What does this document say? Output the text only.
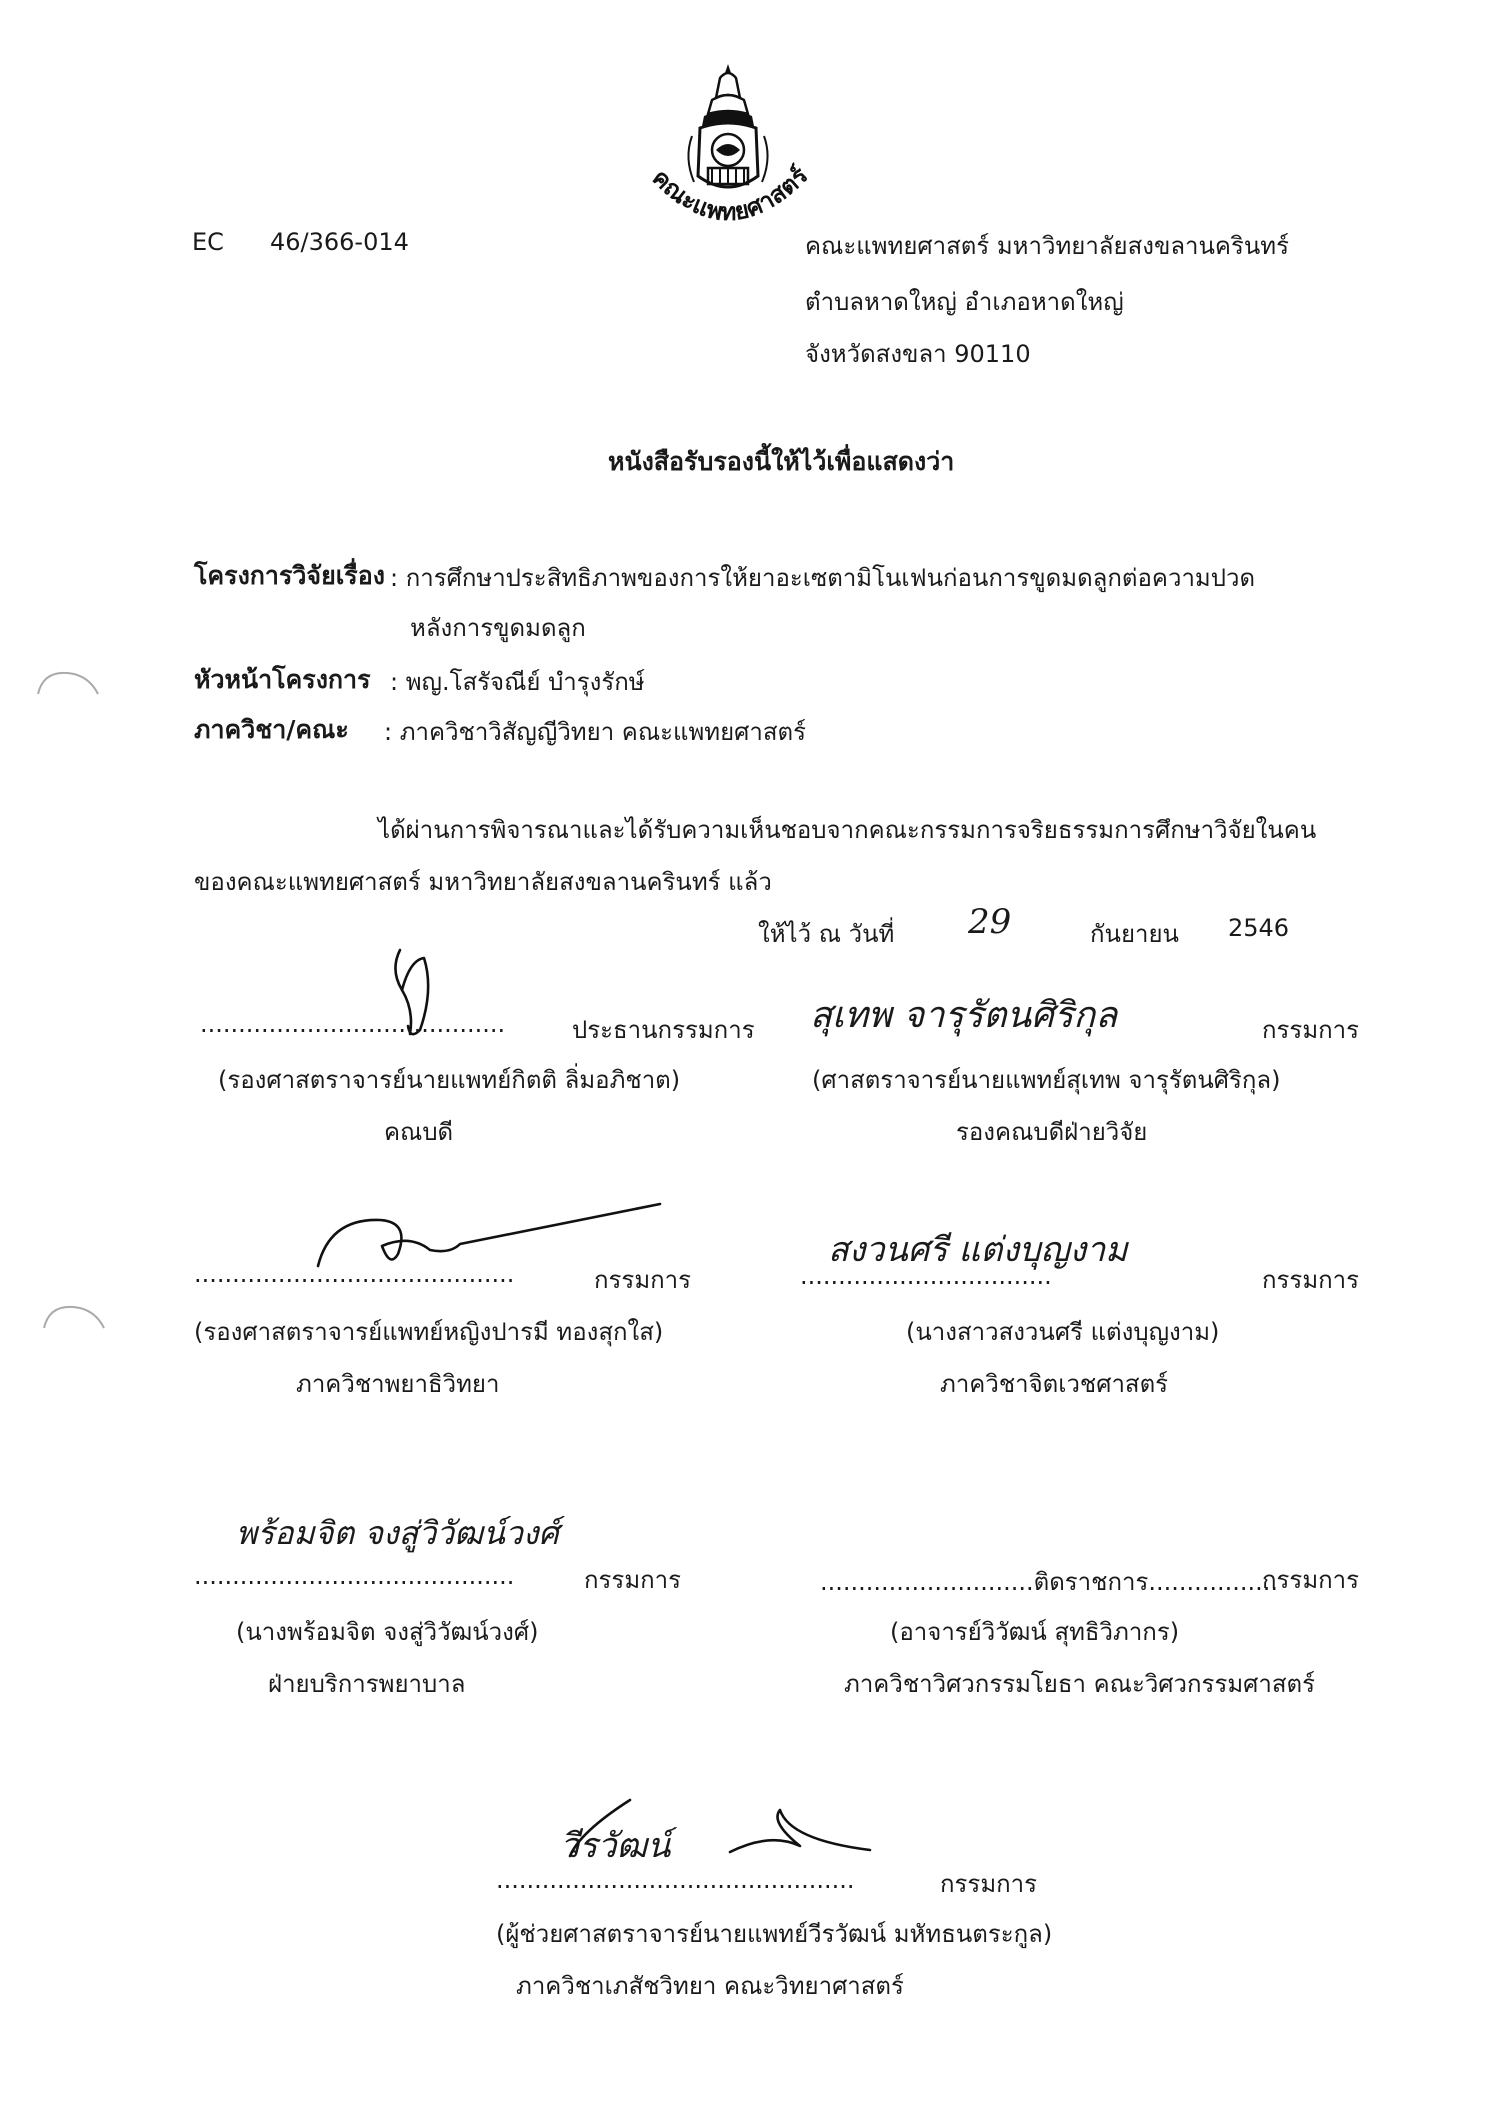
คณะแพทยศาสตร์
EC 46/366-014	คณะแพทยศาสตร์ มหาวิทยาลัยสงขลานครินทร์
ตำบลหาดใหญ่ อำเภอหาดใหญ่
จังหวัดสงขลา 90110
หนังสือรับรองนี้ให้ไว้เพื่อแสดงว่า
โครงการวิจัยเรื่อง : การศึกษาประสิทธิภาพของการให้ยาอะเซตามิโนเฟนก่อนการขูดมดลูกต่อความปวด
หลังการขูดมดลูก
หัวหน้าโครงการ : พญ.โสรัจณีย์ บำรุงรักษ์
ภาควิชา/คณะ : ภาควิชาวิสัญญีวิทยา คณะแพทยศาสตร์
ได้ผ่านการพิจารณาและได้รับความเห็นชอบจากคณะกรรมการจริยธรรมการศึกษาวิจัยในคน
ของคณะแพทยศาสตร์ มหาวิทยาลัยสงขลานครินทร์ แล้ว
ให้ไว้ ณ วันที่ 29	กันยายน 2546
........................................	ประธานกรรมการ
(รองศาสตราจารย์นายแพทย์กิตติ ลิ่มอภิชาต)
คณบดี
สุเทพ จารุรัตนศิริกุล	กรรมการ
(ศาสตราจารย์นายแพทย์สุเทพ จารุรัตนศิริกุล)
รองคณบดีฝ่ายวิจัย
..........................................	กรรมการ
(รองศาสตราจารย์แพทย์หญิงปารมี ทองสุกใส)
ภาควิชาพยาธิวิทยา
สงวนศรี แต่งบุญงาม
.................................	กรรมการ
(นางสาวสงวนศรี แต่งบุญงาม)
ภาควิชาจิตเวชศาสตร์
พร้อมจิต จงสู่วิวัฒน์วงศ์
..........................................	กรรมการ
(นางพร้อมจิต จงสู่วิวัฒน์วงศ์)
ฝ่ายบริการพยาบาล
............................ติดราชการ.................
กรรมการ
(อาจารย์วิวัฒน์ สุทธิวิภากร)
ภาควิชาวิศวกรรมโยธา คณะวิศวกรรมศาสตร์
วีรวัฒน์
...............................................	กรรมการ
(ผู้ช่วยศาสตราจารย์นายแพทย์วีรวัฒน์ มหัทธนตระกูล)
ภาควิชาเภสัชวิทยา คณะวิทยาศาสตร์
